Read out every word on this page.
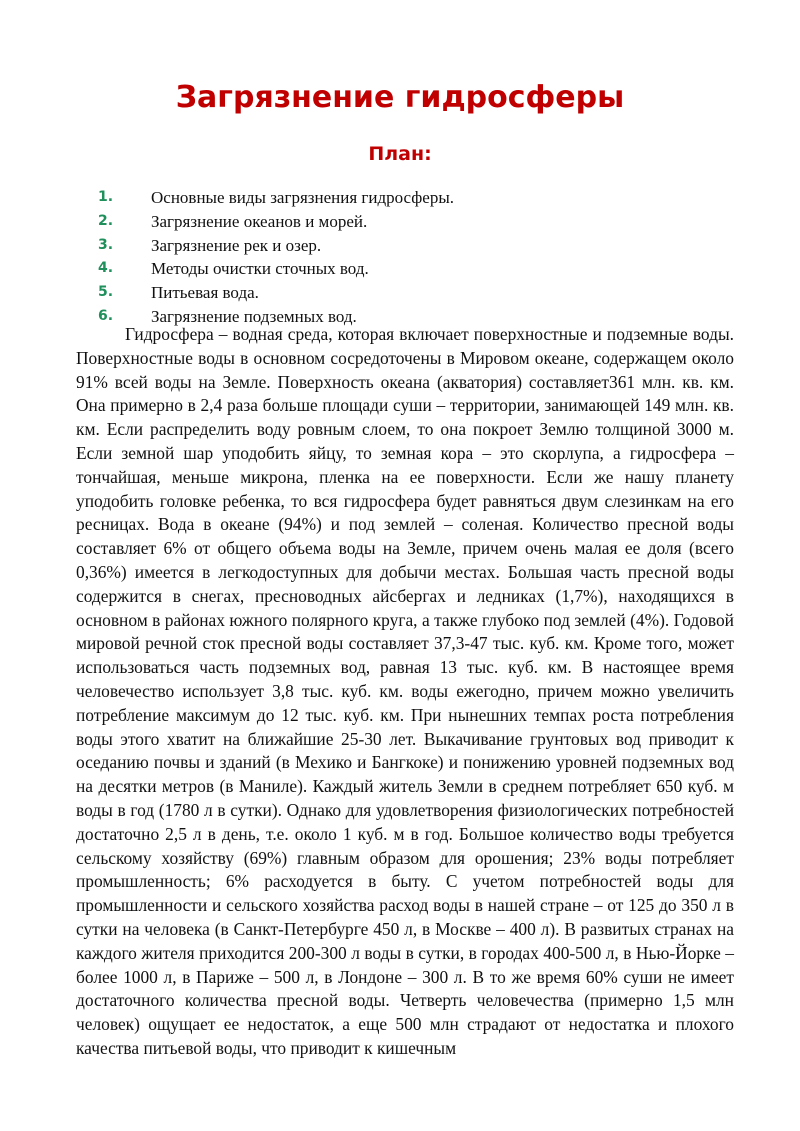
Загрязнение гидросферы
План:
1.	Основные виды загрязнения гидросферы.
2.	Загрязнение океанов и морей.
3.	Загрязнение рек и озер.
4.	Методы очистки сточных вод.
5.	Питьевая вода.
6.	Загрязнение подземных вод.

Гидросфера – водная среда, которая включает поверхностные и подземные воды. Поверхностные воды в основном сосредоточены в Мировом океане, содержащем около 91% всей воды на Земле. Поверхность океана (акватория) составляет361 млн. кв. км. Она примерно в 2,4 раза больше площади суши – территории, занимающей 149 млн. кв. км. Если распределить воду ровным слоем, то она покроет Землю толщиной 3000 м. Если земной шар уподобить яйцу, то земная кора – это скорлупа, а гидросфера – тончайшая, меньше микрона, пленка на ее поверхности. Если же нашу планету уподобить головке ребенка, то вся гидросфера будет равняться двум слезинкам на его ресницах. Вода в океане (94%) и под землей – соленая. Количество пресной воды составляет 6% от общего объема воды на Земле, причем очень малая ее доля (всего 0,36%) имеется в легкодоступных для добычи местах. Большая часть пресной воды содержится в снегах, пресноводных айсбергах и ледниках (1,7%), находящихся в основном в районах южного полярного круга, а также глубоко под землей (4%). Годовой мировой речной сток пресной воды составляет 37,3-47 тыс. куб. км. Кроме того, может использоваться часть подземных вод, равная 13 тыс. куб. км. В настоящее время человечество использует 3,8 тыс. куб. км. воды ежегодно, причем можно увеличить потребление максимум до 12 тыс. куб. км. При нынешних темпах роста потребления воды этого хватит на ближайшие 25-30 лет. Выкачивание грунтовых вод приводит к оседанию почвы и зданий (в Мехико и Бангкоке) и понижению уровней подземных вод на десятки метров (в Маниле). Каждый житель Земли в среднем потребляет 650 куб. м воды в год (1780 л в сутки). Однако для удовлетворения физиологических потребностей достаточно 2,5 л в день, т.е. около 1 куб. м в год. Большое количество воды требуется сельскому хозяйству (69%) главным образом для орошения; 23% воды потребляет промышленность; 6% расходуется в быту. С учетом потребностей воды для промышленности и сельского хозяйства расход воды в нашей стране – от 125 до 350 л в сутки на человека (в Санкт-Петербурге 450 л, в Москве – 400 л). В развитых странах на каждого жителя приходится 200-300 л воды в сутки, в городах 400-500 л, в Нью-Йорке – более 1000 л, в Париже – 500 л, в Лондоне – 300 л. В то же время 60% суши не имеет достаточного количества пресной воды. Четверть человечества (примерно 1,5 млн человек) ощущает ее недостаток, а еще 500 млн страдают от недостатка и плохого качества питьевой воды, что приводит к кишечным
